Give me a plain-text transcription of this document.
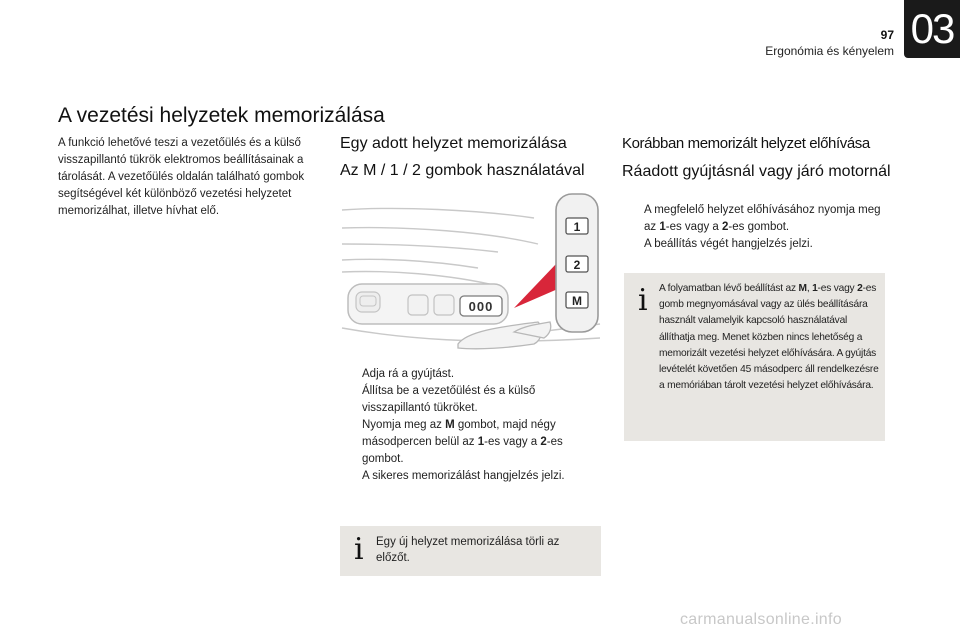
97
Ergonómia és kényelem 03
A vezetési helyzetek memorizálása
A funkció lehetővé teszi a vezetőülés és a külső visszapillantó tükrök elektromos beállításainak a tárolását. A vezetőülés oldalán található gombok segítségével két különböző vezetési helyzetet memorizálhat, illetve hívhat elő.
Egy adott helyzet memorizálása
Az M / 1 / 2 gombok használatával
000
1
2
M
Adja rá a gyújtást.
Állítsa be a vezetőülést és a külső visszapillantó tükröket.
Nyomja meg az M gombot, majd négy másodpercen belül az 1-es vagy a 2-es gombot.
A sikeres memorizálást hangjelzés jelzi.
i Egy új helyzet memorizálása törli az előzőt.
Korábban memorizált helyzet előhívása
Ráadott gyújtásnál vagy járó motornál
A megfelelő helyzet előhívásához nyomja meg az 1-es vagy a 2-es gombot.
A beállítás végét hangjelzés jelzi.
i A folyamatban lévő beállítást az M, 1-es vagy 2-es gomb megnyomásával vagy az ülés beállítására használt valamelyik kapcsoló használatával állíthatja meg. Menet közben nincs lehetőség a memorizált vezetési helyzet előhívására. A gyújtás levételét követően 45 másodperc áll rendelkezésre a memóriában tárolt vezetési helyzet előhívására.
carmanualsonline.info
